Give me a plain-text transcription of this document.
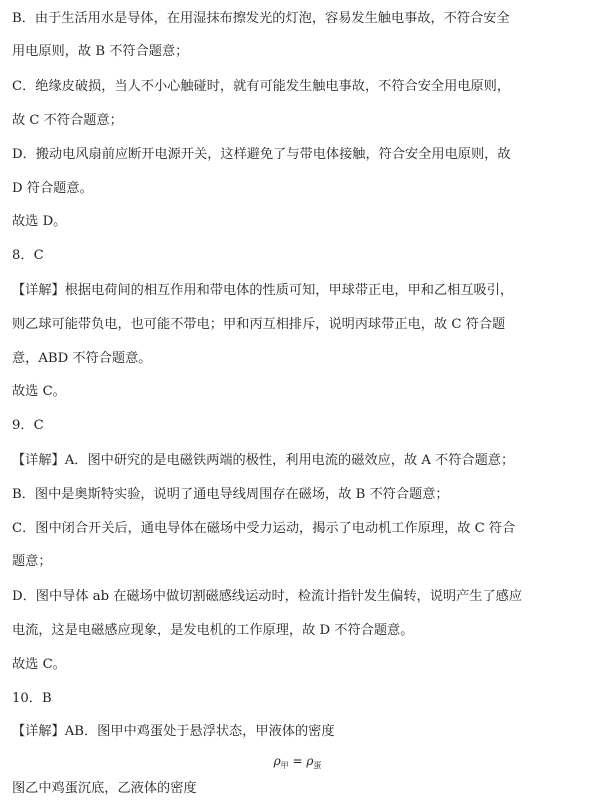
B．由于生活用水是导体，在用湿抹布擦发光的灯泡，容易发生触电事故，不符合安全
用电原则，故 B 不符合题意；
C．绝缘皮破损，当人不小心触碰时，就有可能发生触电事故，不符合安全用电原则，
故 C 不符合题意；
D．搬动电风扇前应断开电源开关，这样避免了与带电体接触，符合安全用电原则，故
D 符合题意。
故选 D。
8．C
【详解】根据电荷间的相互作用和带电体的性质可知，甲球带正电，甲和乙相互吸引，
则乙球可能带负电，也可能不带电；甲和丙互相排斥，说明丙球带正电，故 C 符合题
意，ABD 不符合题意。
故选 C。
9．C
【详解】A．图中研究的是电磁铁两端的极性，利用电流的磁效应，故 A 不符合题意；
B．图中是奥斯特实验，说明了通电导线周围存在磁场，故 B 不符合题意；
C．图中闭合开关后，通电导体在磁场中受力运动，揭示了电动机工作原理，故 C 符合
题意；
D．图中导体 ab 在磁场中做切割磁感线运动时，检流计指针发生偏转，说明产生了感应
电流，这是电磁感应现象，是发电机的工作原理，故 D 不符合题意。
故选 C。
10．B
【详解】AB．图甲中鸡蛋处于悬浮状态，甲液体的密度
$\rho_甲 = \rho_蛋$
图乙中鸡蛋沉底，乙液体的密度
